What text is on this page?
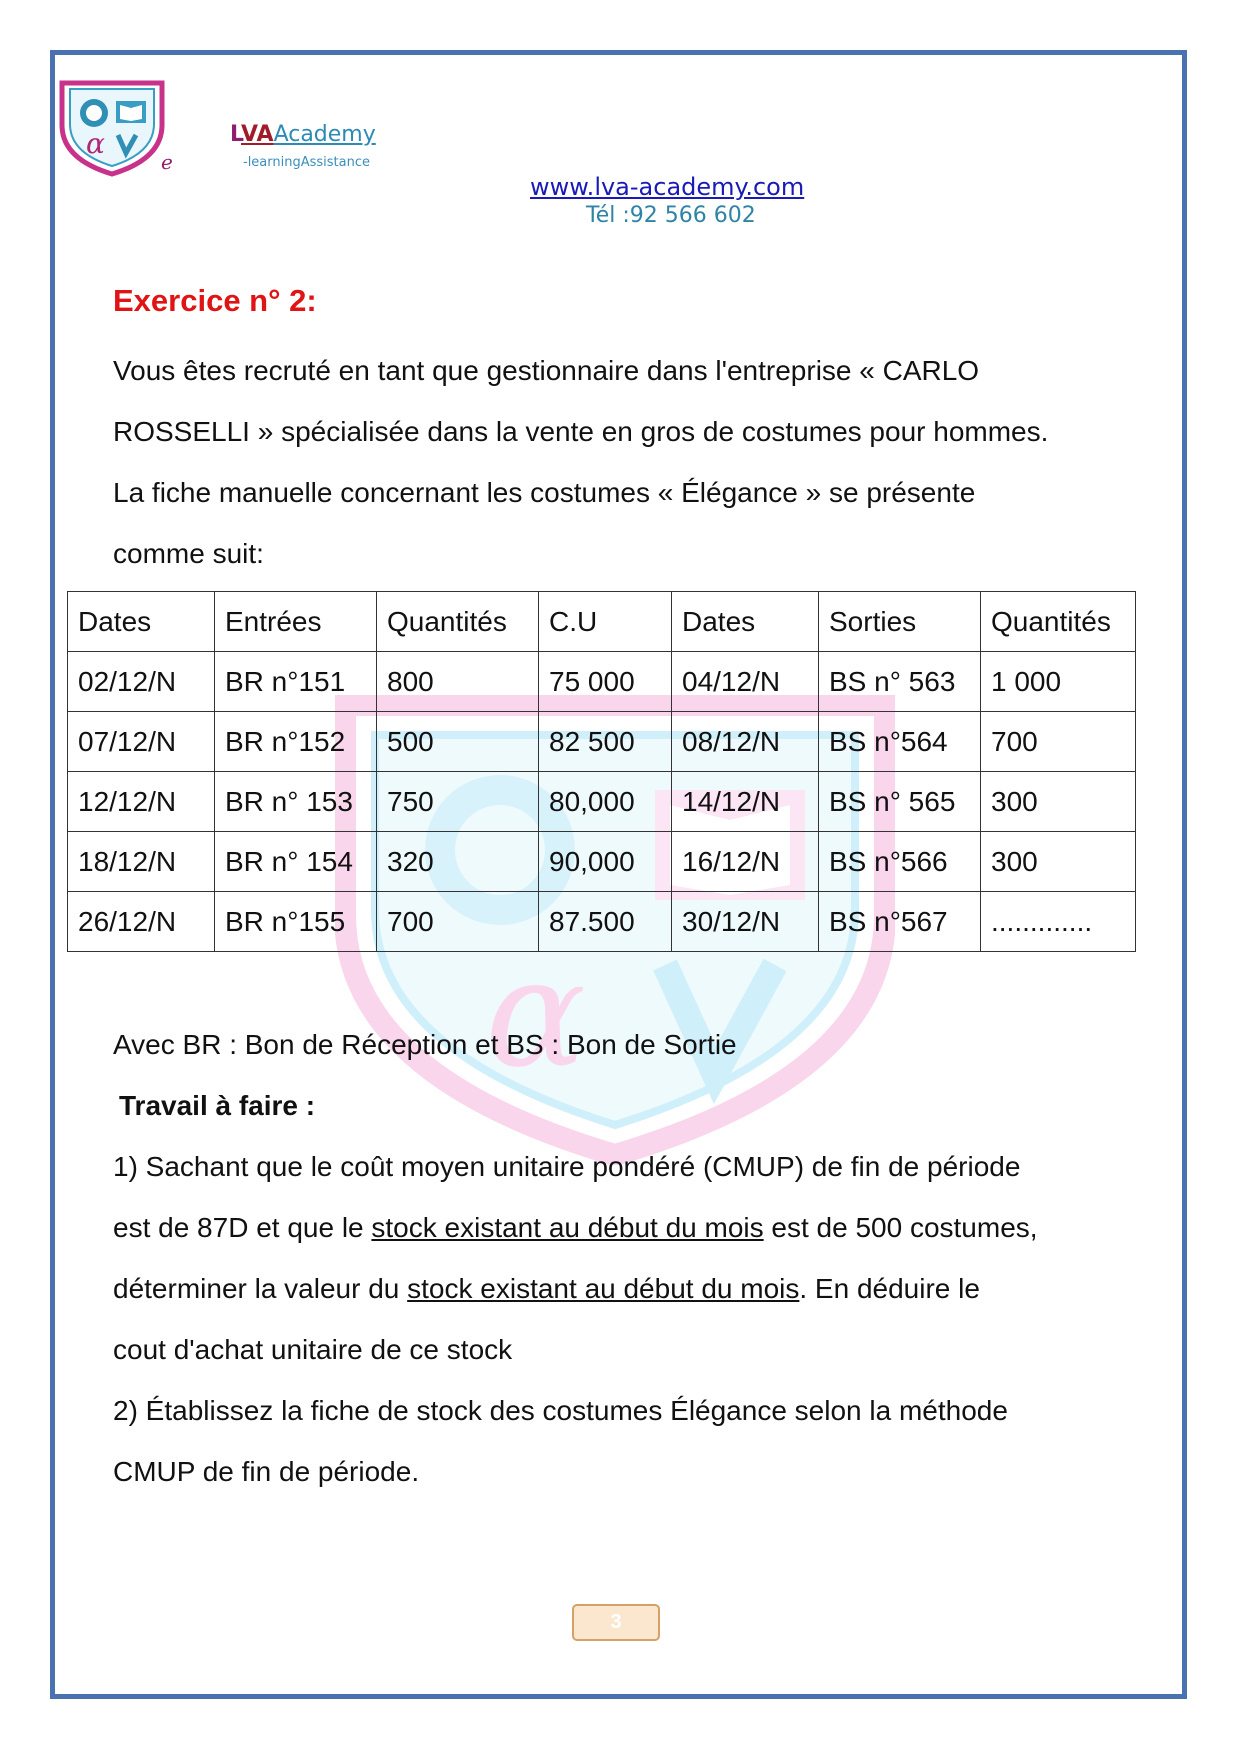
α
e
LVAAcademy
-learningAssistance
www.lva-academy.com
Tél :92 566 602
α
Exercice n° 2:
Vous êtes recruté en tant que gestionnaire dans l'entreprise « CARLO
ROSSELLI » spécialisée dans la vente en gros de costumes pour hommes.
La fiche manuelle concernant les costumes « Élégance » se présente
comme suit:
Dates	Entrées	Quantités	C.U	Dates	Sorties	Quantités
02/12/N	BR n°151	800	75 000	04/12/N	BS n° 563	1 000
07/12/N	BR n°152	500	82 500	08/12/N	BS n°564	700
12/12/N	BR n° 153	750	80,000	14/12/N	BS n° 565	300
18/12/N	BR n° 154	320	90,000	16/12/N	BS n°566	300
26/12/N	BR n°155	700	87.500	30/12/N	BS n°567	.............
Avec BR : Bon de Réception et BS : Bon de Sortie
Travail à faire :
1) Sachant que le coût moyen unitaire pondéré (CMUP) de fin de période
est de 87D et que le stock existant au début du mois est de 500 costumes,
déterminer la valeur du stock existant au début du mois. En déduire le
cout d'achat unitaire de ce stock
2) Établissez la fiche de stock des costumes Élégance selon la méthode
CMUP de fin de période.
3
